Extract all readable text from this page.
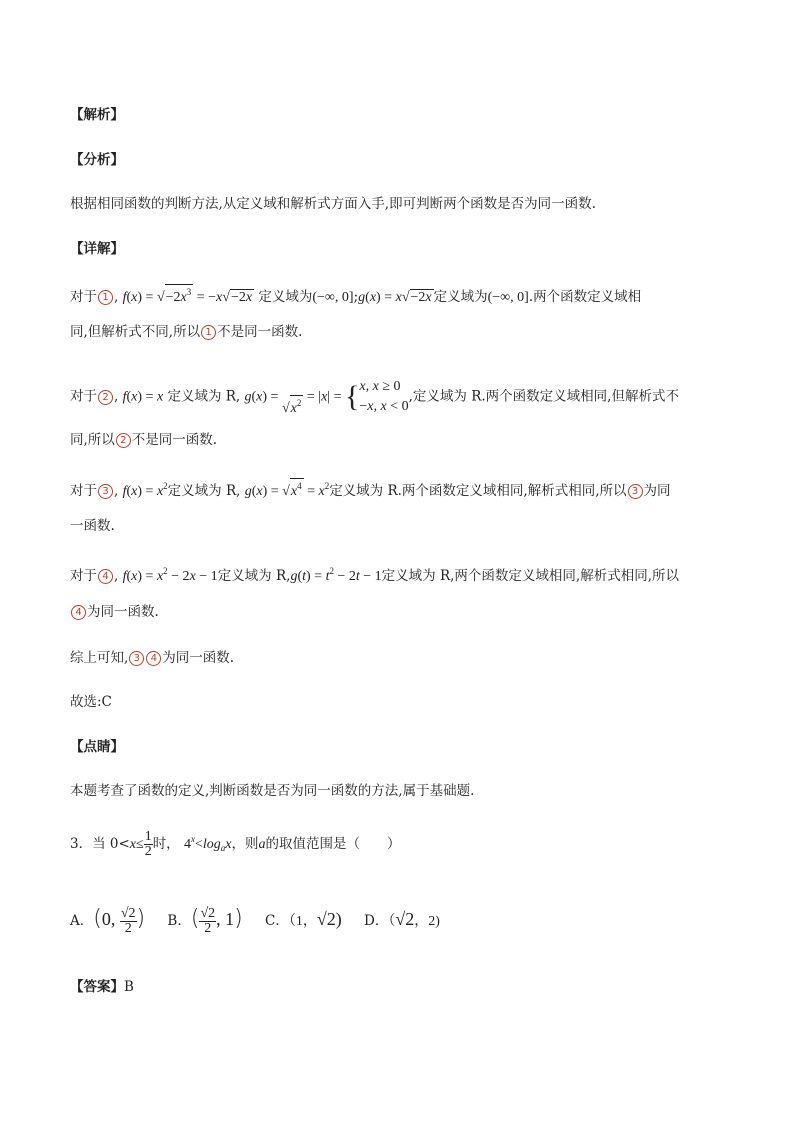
【解析】
【分析】
根据相同函数的判断方法,从定义域和解析式方面入手,即可判断两个函数是否为同一函数.
【详解】
对于 1 , $f(x) = √-2x^3 = -x√-2x$ 定义域为(−∞, 0];g(x) = x√−2x 定义域为(−∞, 0].两个函数定义域相
同,但解析式不同,所以 1 不是同一函数.
对于 2 , f(x) = x 定义域为 R, $g(x) = √x^2 = |x| = \{x$, x ≥ 0
−x, x < 0,定义域为 R.两个函数定义域相同,但解析式不
同,所以 2 不是同一函数.
对于 3 , $f(x) = x^2$定义域为 R, $g(x) = √x^4 = x^2$定义域为 R.两个函数定义域相同,解析式相同,所以 3 为同
一函数.
对于 4 , $f(x) = x^2 - 2x - 1$定义域为 $R,g(t) = t^2 - 2t - 1$定义域为 R,两个函数定义域相同,解析式相同,所以
4 为同一函数.
综上可知, 3 4 为同一函数.
故选:C
【点睛】
本题考查了函数的定义,判断函数是否为同一函数的方法,属于基础题.
3．当 $0<x\le \frac{1}{2}$ 时， $4^x<\log_ax$，则a的取值范围是（　　）
A．(0, $\frac{√2}{2}$ ) B．( $\frac{√2}{2}$ , 1) C．（1，√2) D．（√2，2)
【答案】B
